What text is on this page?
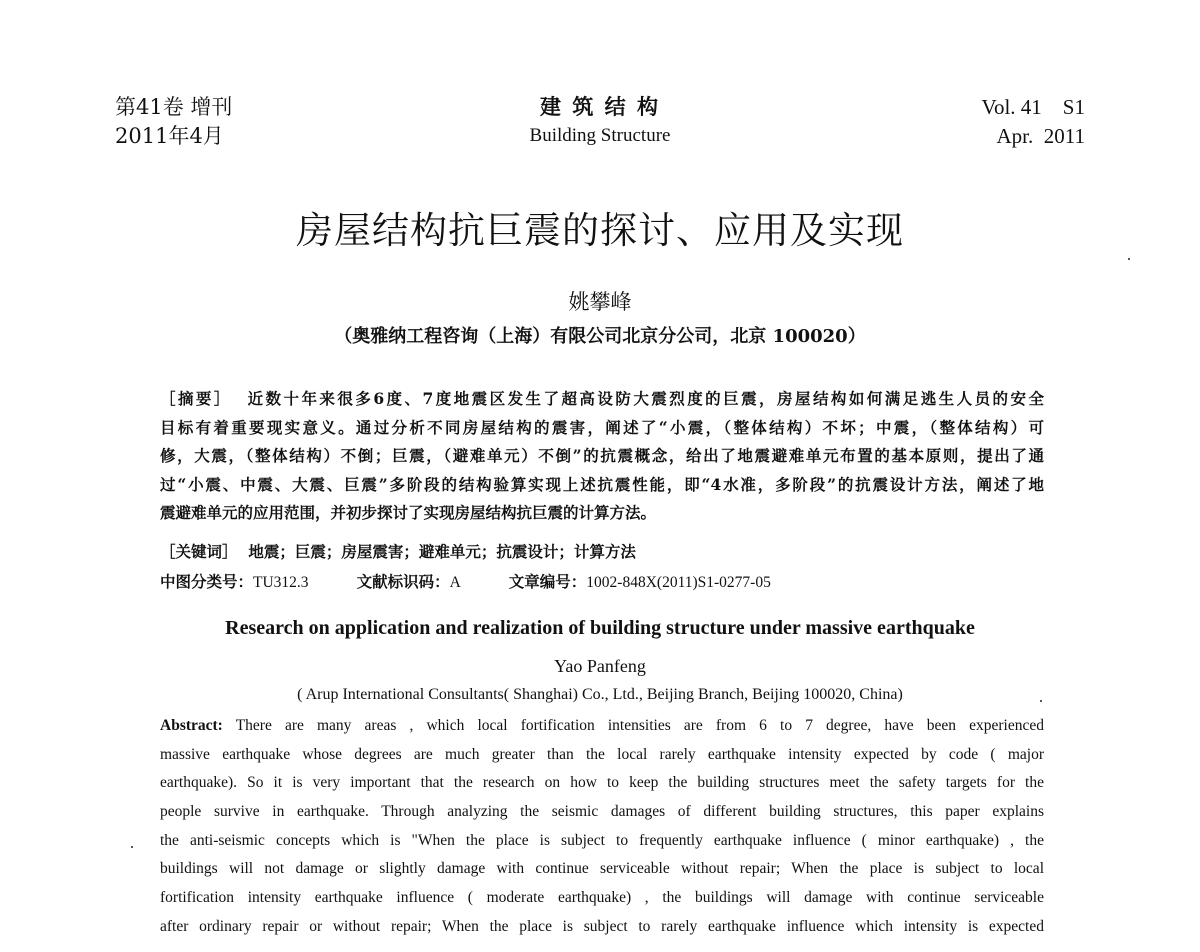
第41卷 增刊
2011年4月
建 筑 结 构
Building Structure
Vol. 41    S1
Apr.  2011
房屋结构抗巨震的探讨、应用及实现
姚攀峰
（奥雅纳工程咨询（上海）有限公司北京分公司，北京 100020）
［摘要］ 近数十年来很多6度、7度地震区发生了超高设防大震烈度的巨震，房屋结构如何满足逃生人员的安全
目标有着重要现实意义。通过分析不同房屋结构的震害，阐述了“小震，（整体结构）不坏；中震，（整体结构）可
修，大震，（整体结构）不倒；巨震，（避难单元）不倒”的抗震概念，给出了地震避难单元布置的基本原则，提出了通
过“小震、中震、大震、巨震”多阶段的结构验算实现上述抗震性能，即“4水准，多阶段”的抗震设计方法，阐述了地
震避难单元的应用范围，并初步探讨了实现房屋结构抗巨震的计算方法。
［关键词］ 地震；巨震；房屋震害；避难单元；抗震设计；计算方法
中图分类号：TU312.3	文献标识码：A	文章编号：1002-848X(2011)S1-0277-05
Research on application and realization of building structure under massive earthquake
Yao Panfeng
( Arup International Consultants( Shanghai) Co., Ltd., Beijing Branch, Beijing 100020, China)
Abstract: There are many areas , which local fortification intensities are from 6 to 7 degree, have been experienced
massive earthquake whose degrees are much greater than the local rarely earthquake intensity expected by code ( major
earthquake). So it is very important that the research on how to keep the building structures meet the safety targets for the
people survive in earthquake. Through analyzing the seismic damages of different building structures, this paper explains
the anti-seismic concepts which is "When the place is subject to frequently earthquake influence ( minor earthquake) , the
buildings will not damage or slightly damage with continue serviceable without repair; When the place is subject to local
fortification intensity earthquake influence ( moderate earthquake) , the buildings will damage with continue serviceable
after ordinary repair or without repair; When the place is subject to rarely earthquake influence which intensity is expected
